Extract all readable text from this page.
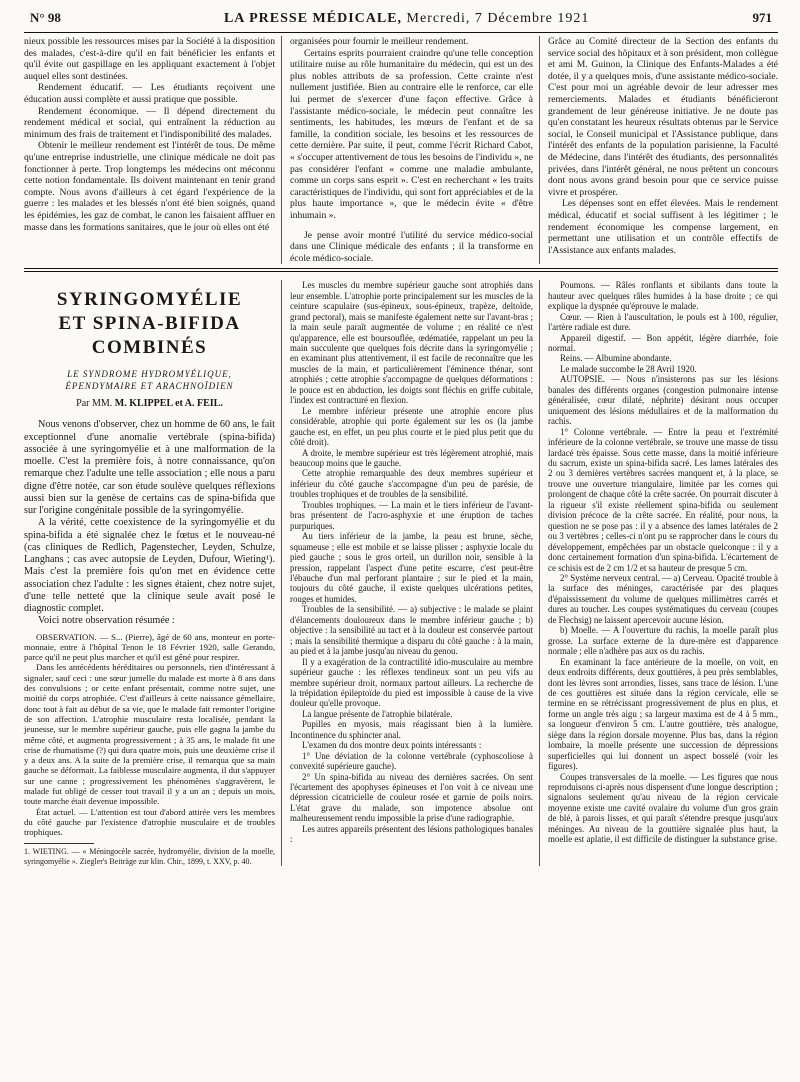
N° 98	LA PRESSE MÉDICALE, Mercredi, 7 Décembre 1921	971

nieux possible les ressources mises par la Société à la disposition des malades, c'est-à-dire qu'il en fait bénéficier les enfants et qu'il évite out gaspillage en les appliquant exactement à l'objet auquel elles sont destinées.

Rendement éducatif. — Les étudiants reçoivent une éducation aussi complète et aussi pratique que possible.

Rendement économique. — Il dépend directement du rendement médical et social, qui entraînent la réduction au minimum des frais de traitement et l'indisponibilité des malades.

Obtenir le meilleur rendement est l'intérêt de tous. De même qu'une entreprise industrielle, une clinique médicale ne doit pas fonctionner à perte. Trop longtemps les médecins ont méconnu cette notion fondamentale. Ils doivent maintenant en tenir grand compte. Nous avons d'ailleurs à cet égard l'expérience de la guerre : les malades et les blessés n'ont été bien soignés, quand les épidémies, les gaz de combat, le canon les faisaient affluer en masse dans les formations sanitaires, que le jour où elles ont été

organisées pour fournir le meilleur rendement.

Certains esprits pourraient craindre qu'une telle conception utilitaire nuise au rôle humanitaire du médecin, qui est un des plus nobles attributs de sa profession. Cette crainte n'est nullement justifiée. Bien au contraire elle le renforce, car elle lui permet de s'exercer d'une façon effective. Grâce à l'assistante médico-sociale, le médecin peut connaître les sentiments, les habitudes, les mœurs de l'enfant et de sa famille, la condition sociale, les besoins et les ressources de cette dernière. Par suite, il peut, comme l'écrit Richard Cabot, « s'occuper attentivement de tous les besoins de l'individu », ne pas considérer l'enfant « comme une maladie ambulante, comme un corps sans esprit ». C'est en recherchant « les traits caractéristiques de l'individu, qui sont fort appréciables et de la plus haute importance », que le médecin évite « d'être inhumain ».

Je pense avoir montré l'utilité du service médico-social dans une Clinique médicale des enfants ; il la transforme en école médico-sociale.

Grâce au Comité directeur de la Section des enfants du service social des hôpitaux et à son président, mon collègue et ami M. Guinon, la Clinique des Enfants-Malades a été dotée, il y a quelques mois, d'une assistante médico-sociale. C'est pour moi un agréable devoir de leur adresser mes remerciements. Malades et étudiants bénéficieront grandement de leur généreuse initiative. Je ne doute pas qu'en constatant les heureux résultats obtenus par le Service social, le Conseil municipal et l'Assistance publique, dans l'intérêt des enfants de la population parisienne, la Faculté de Médecine, dans l'intérêt des étudiants, des personnalités privées, dans l'intérêt général, ne nous prêtent un concours dont nous avons grand besoin pour que ce service puisse vivre et prospérer.

Les dépenses sont en effet élevées. Mais le rendement médical, éducatif et social suffisent à les légitimer ; le rendement économique les compense largement, en permettant une utilisation et un contrôle effectifs de l'Assistance aux enfants malades.

SYRINGOMYÉLIE
ET SPINA-BIFIDA COMBINÉS
LE SYNDROME HYDROMYÉLIQUE,
ÉPENDYMAIRE ET ARACHNOÏDIEN
Par MM. M. KLIPPEL et A. FEIL.

Nous venons d'observer, chez un homme de 60 ans, le fait exceptionnel d'une anomalie vertébrale (spina-bifida) associée à une syringomyélie et à une malformation de la moelle. C'est la première fois, à notre connaissance, qu'on remarque chez l'adulte une telle association ; elle nous a paru digne d'être notée, car son étude soulève quelques réflexions aussi bien sur la genèse de certains cas de spina-bifida que sur l'origine congénitale possible de la syringomyélie.

A la vérité, cette coexistence de la syringomyélie et du spina-bifida a été signalée chez le fœtus et le nouveau-né (cas cliniques de Redlich, Pagenstecher, Leyden, Schulze, Langhans ; cas avec autopsie de Leyden, Dufour, Wieting¹). Mais c'est la première fois qu'on met en évidence cette association chez l'adulte : les signes étaient, chez notre sujet, d'une telle netteté que la clinique seule avait posé le diagnostic complet.

Voici notre observation résumée :

OBSERVATION. — S... (Pierre), âgé de 60 ans, monteur en porte-monnaie, entre à l'hôpital Tenon le 18 Février 1920, salle Gerando, parce qu'il ne peut plus marcher et qu'il est gêné pour respirer.

Dans les antécédents héréditaires ou personnels, rien d'intéressant à signaler, sauf ceci : une sœur jumelle du malade est morte à 8 ans dans des convulsions ; or cette enfant présentait, comme notre sujet, une moitié du corps atrophiée. C'est d'ailleurs à cette naissance gémellaire, donc tout à fait au début de sa vie, que le malade fait remonter l'origine de son affection. L'atrophie musculaire resta localisée, pendant la jeunesse, sur le membre supérieur gauche, puis elle gagna la jambe du même côté, et augmenta progressivement ; à 35 ans, le malade fit une crise de rhumatisme (?) qui dura quatre mois, puis une deuxième crise il y a deux ans. A la suite de la première crise, il remarqua que sa main gauche se déformait. La faiblesse musculaire augmenta, il dut s'appuyer sur une canne ; progressivement les phénomènes s'aggravèrent, le malade fut obligé de cesser tout travail il y a un an ; depuis un mois, toute marche était devenue impossible.

État actuel. — L'attention est tout d'abord attirée vers les membres du côté gauche par l'existence d'atrophie musculaire et de troubles trophiques.

1. WIETING. — « Méningocèle sacrée, hydromyélie, division de la moelle, syringomyélie ». Ziegler's Beiträge zur klin. Chir., 1899, t. XXV, p. 40.

Les muscles du membre supérieur gauche sont atrophiés dans leur ensemble. L'atrophie porte principalement sur les muscles de la ceinture scapulaire (sus-épineux, sous-épineux, trapèze, deltoïde, grand pectoral), mais se manifeste également nette sur l'avant-bras ; la main seule paraît augmentée de volume ; en réalité ce n'est qu'apparence, elle est boursouflée, œdématiée, rappelant un peu la main succulente que quelques fois décrite dans la syringomyélie ; en examinant plus attentivement, il est facile de reconnaître que les muscles de la main, et particulièrement l'éminence thénar, sont atrophiés ; cette atrophie s'accompagne de quelques déformations : le pouce est en abduction, les doigts sont fléchis en griffe cubitale, l'index est contracturé en flexion.

Le membre inférieur présente une atrophie encore plus considérable, atrophie qui porte également sur les os (la jambe gauche est, en effet, un peu plus courte et le pied plus petit que du côté droit).

A droite, le membre supérieur est très légèrement atrophié, mais beaucoup moins que le gauche.

Cette atrophie remarquable des deux membres supérieur et inférieur du côté gauche s'accompagne d'un peu de parésie, de troubles trophiques et de troubles de la sensibilité.

Troubles trophiques. — La main et le tiers inférieur de l'avant-bras présentent de l'acro-asphyxie et une éruption de taches purpuriques.

Au tiers inférieur de la jambe, la peau est brune, sèche, squameuse ; elle est mobile et se laisse plisser ; asphyxie locale du pied gauche ; sous le gros orteil, un durillon noir, sensible à la pression, rappelant l'aspect d'une petite escarre, c'est peut-être l'ébauche d'un mal perforant plantaire ; sur le pied et la main, toujours du côté gauche, il existe quelques ulcérations petites, rouges et humides.

Troubles de la sensibilité. — a) subjective : le malade se plaint d'élancements douloureux dans le membre inférieur gauche ; b) objective : la sensibilité au tact et à la douleur est conservée partout ; mais la sensibilité thermique a disparu du côté gauche : à la main, au pied et à la jambe jusqu'au niveau du genou.

Il y a exagération de la contractilité idio-musculaire au membre supérieur gauche : les réflexes tendineux sont un peu vifs au membre supérieur droit, normaux partout ailleurs. La recherche de la trépidation épileptoïde du pied est impossible à cause de la vive douleur qu'elle provoque.

La langue présente de l'atrophie bilatérale.

Pupilles en myosis, mais réagissant bien à la lumière. Incontinence du sphincter anal.

L'examen du dos montre deux points intéressants :

1° Une déviation de la colonne vertébrale (cyphoscoliose à convexité supérieure gauche).

2° Un spina-bifida au niveau des dernières sacrées. On sent l'écartement des apophyses épineuses et l'on voit à ce niveau une dépression cicatricielle de couleur rosée et garnie de poils noirs. L'état grave du malade, son impotence absolue ont malheureusement rendu impossible la prise d'une radiographie.

Les autres appareils présentent des lésions pathologiques banales :

Poumons. — Râles ronflants et sibilants dans toute la hauteur avec quelques râles humides à la base droite ; ce qui explique la dyspnée qu'éprouve le malade.

Cœur. — Rien à l'auscultation, le pouls est à 100, régulier, l'artère radiale est dure.

Appareil digestif. — Bon appétit, légère diarrhée, foie normal.

Reins. — Albumine abondante.

Le malade succombe le 28 Avril 1920.

AUTOPSIE. — Nous n'insisterons pas sur les lésions banales des différents organes (congestion pulmonaire intense généralisée, cœur dilaté, néphrite) désirant nous occuper uniquement des lésions médullaires et de la malformation du rachis.

1° Colonne vertébrale. — Entre la peau et l'extrémité inférieure de la colonne vertébrale, se trouve une masse de tissu lardacé très épaisse. Sous cette masse, dans la moitié inférieure du sacrum, existe un spina-bifida sacré. Les lames latérales des 2 ou 3 dernières vertèbres sacrées manquent et, à la place, se trouve une ouverture triangulaire, limitée par les cornes qui prolongent de chaque côté la crête sacrée. On pourrait discuter à la rigueur s'il existe réellement spina-bifida ou seulement division précoce de la crête sacrée. En réalité, pour nous, la question ne se pose pas : il y a absence des lames latérales de 2 ou 3 vertèbres ; celles-ci n'ont pu se rapprocher dans le cours du développement, empêchées par un obstacle quelconque : il y a donc certainement formation d'un spina-bifida. L'écartement de ce schisis est de 2 cm 1/2 et sa hauteur de presque 5 cm.

2° Système nerveux central. — a) Cerveau. Opacité trouble à la surface des méninges, caractérisée par des plaques d'épaississement du volume de quelques millimètres carrés et dures au toucher. Les coupes systématiques du cerveau (coupes de Flechsig) ne laissent apercevoir aucune lésion.

b) Moelle. — A l'ouverture du rachis, la moelle paraît plus grosse. La surface externe de la dure-mère est d'apparence normale ; elle n'adhère pas aux os du rachis.

En examinant la face antérieure de la moelle, on voit, en deux endroits différents, deux gouttières, à peu près semblables, dont les lèvres sont arrondies, lisses, sans trace de lésion. L'une de ces gouttières est située dans la région cervicale, elle se termine en se rétrécissant progressivement de plus en plus, et forme un angle très aigu ; sa largeur maxima est de 4 à 5 mm., sa longueur d'environ 5 cm. L'autre gouttière, très analogue, siège dans la région dorsale moyenne. Plus bas, dans la région lombaire, la moelle présente une succession de dépressions superficielles qui lui donnent un aspect bosselé (voir les figures).

Coupes transversales de la moelle. — Les figures que nous reproduisons ci-après nous dispensent d'une longue description ; signalons seulement qu'au niveau de la région cervicale moyenne existe une cavité ovalaire du volume d'un gros grain de blé, à parois lisses, et qui paraît s'étendre presque jusqu'aux méninges. Au niveau de la gouttière signalée plus haut, la moelle est aplatie, il est difficile de distinguer la substance grise.
